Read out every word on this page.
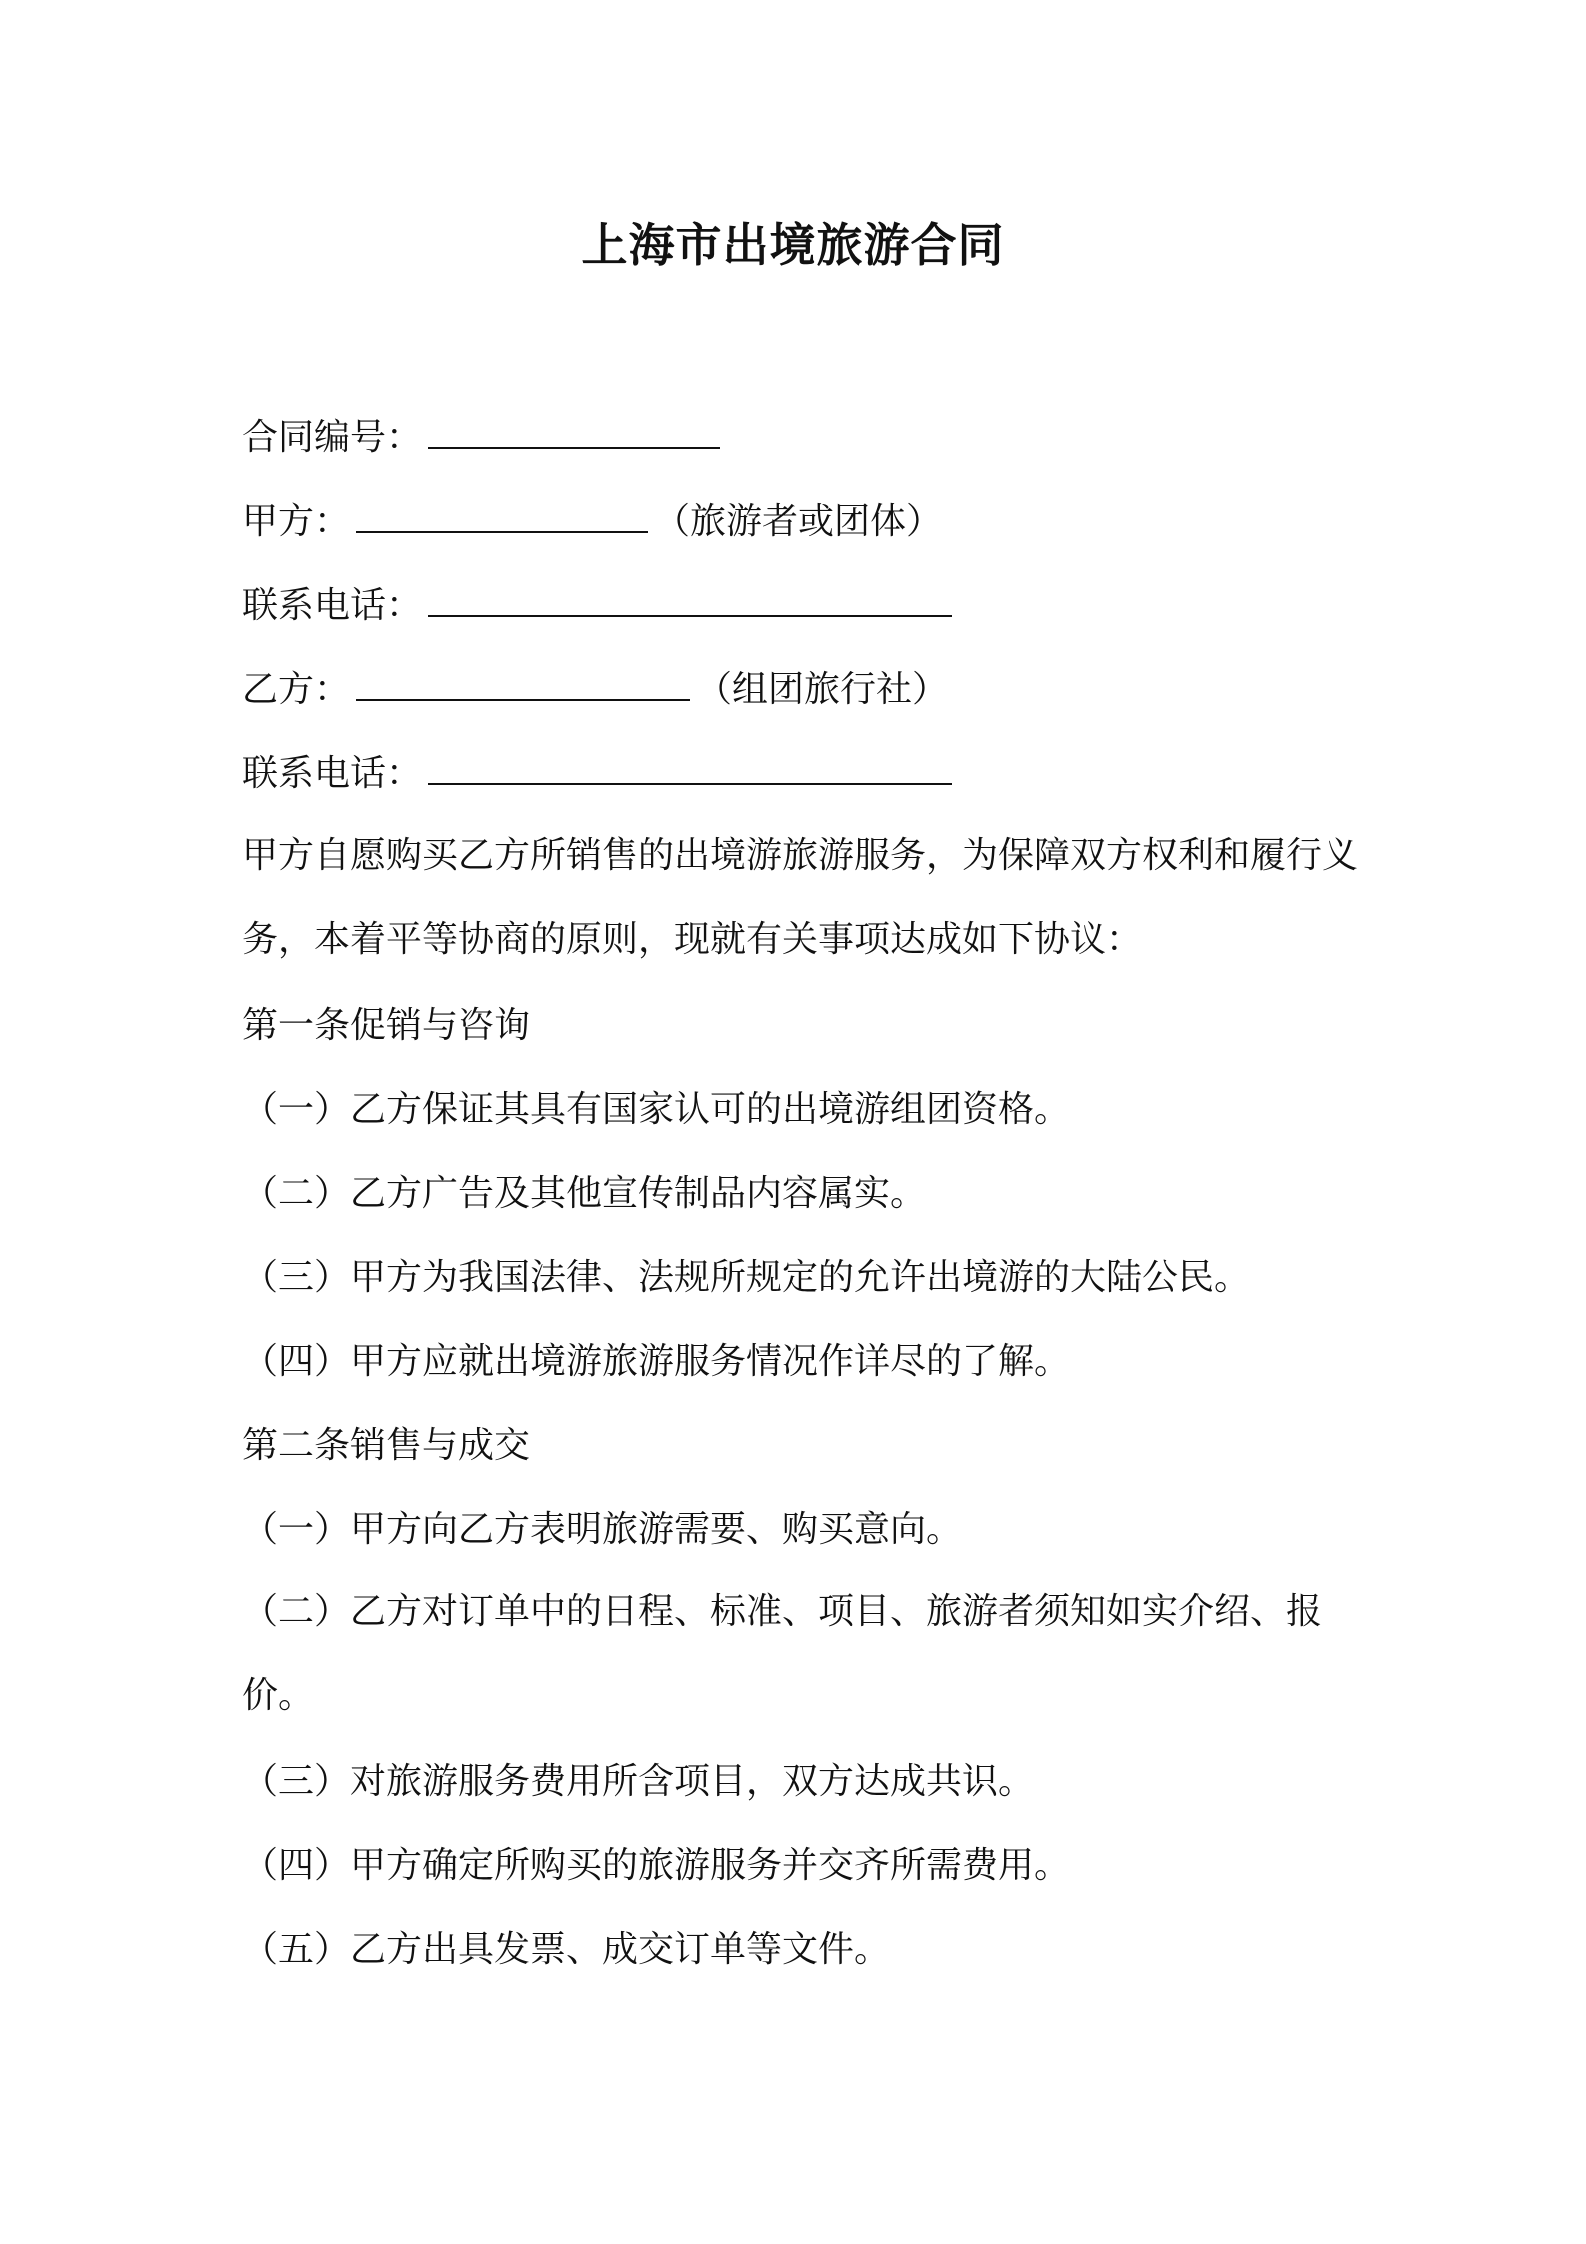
上海市出境旅游合同
合同编号：
甲方：	（旅游者或团体）
联系电话：
乙方：	（组团旅行社）
联系电话：
甲方自愿购买乙方所销售的出境游旅游服务，为保障双方权利和履行义务，本着平等协商的原则，现就有关事项达成如下协议：
第一条促销与咨询
（一）乙方保证其具有国家认可的出境游组团资格。
（二）乙方广告及其他宣传制品内容属实。
（三）甲方为我国法律、法规所规定的允许出境游的大陆公民。
（四）甲方应就出境游旅游服务情况作详尽的了解。
第二条销售与成交
（一）甲方向乙方表明旅游需要、购买意向。
（二）乙方对订单中的日程、标准、项目、旅游者须知如实介绍、报价。
（三）对旅游服务费用所含项目，双方达成共识。
（四）甲方确定所购买的旅游服务并交齐所需费用。
（五）乙方出具发票、成交订单等文件。
